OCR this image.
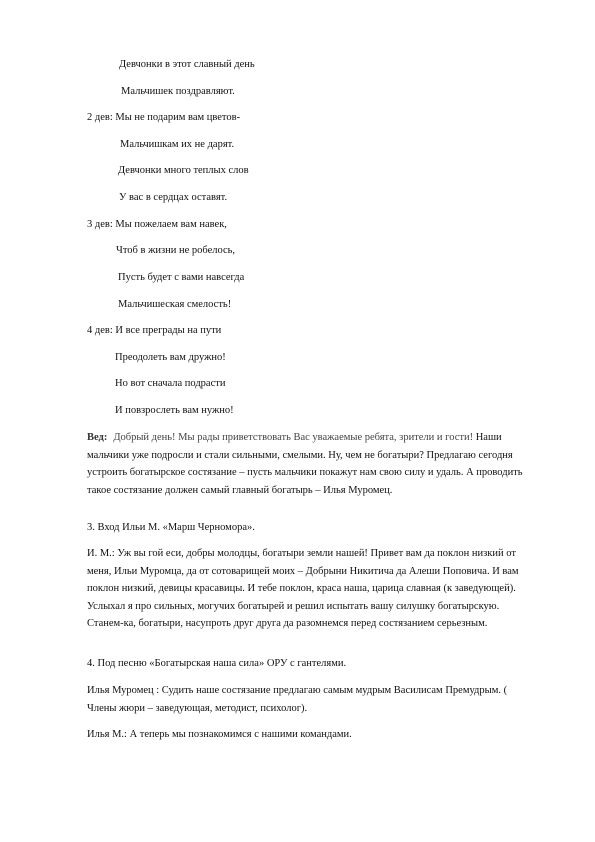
Девчонки в этот славный день
Мальчишек поздравляют.
2 дев: Мы не подарим вам цветов-
Мальчишкам их не дарят.
Девчонки много теплых слов
У вас в сердцах оставят.
3 дев: Мы пожелаем вам навек,
Чтоб в жизни не робелось,
Пусть будет с вами навсегда
Мальчишеская смелость!
4 дев: И все преграды на пути
Преодолеть вам дружно!
Но вот сначала подрасти
И повзрослеть вам нужно!

Вед: Добрый день! Мы рады приветствовать Вас уважаемые ребята, зрители и гости! Наши мальчики уже подросли и стали сильными, смелыми. Ну, чем не богатыри? Предлагаю сегодня устроить богатырское состязание – пусть мальчики покажут нам свою силу и удаль. А проводить такое состязание должен самый главный богатырь – Илья Муромец.

3. Вход Ильи М. «Марш Черномора».

И. М.: Уж вы гой еси, добры молодцы, богатыри земли нашей! Привет вам да поклон низкий от меня, Ильи Муромца, да от сотоварищей моих – Добрыни Никитича да Алеши Поповича. И вам поклон низкий, девицы красавицы. И тебе поклон, краса наша, царица славная (к заведующей). Услыхал я про сильных, могучих богатырей и решил испытать вашу силушку богатырскую. Станем-ка, богатыри, насупроть друг друга да разомнемся перед состязанием серьезным.

4. Под песню «Богатырская наша сила» ОРУ с гантелями.

Илья Муромец : Судить наше состязание предлагаю самым мудрым Василисам Премудрым. ( Члены жюри – заведующая, методист, психолог).

Илья М.: А теперь мы познакомимся с нашими командами.
